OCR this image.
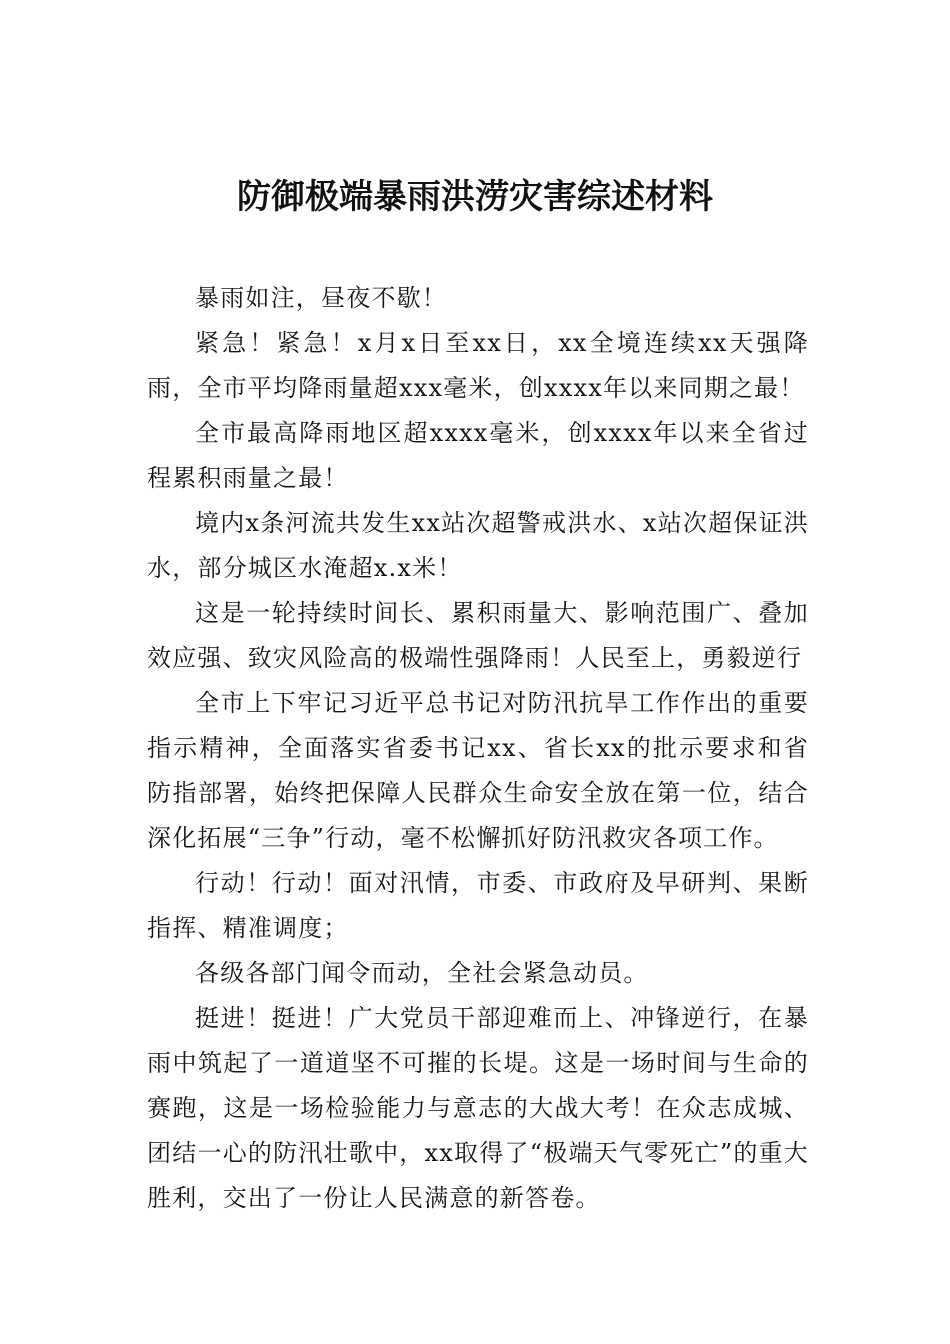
防御极端暴雨洪涝灾害综述材料

暴雨如注，昼夜不歇！

紧急！紧急！x月x日至xx日，xx全境连续xx天强降雨，全市平均降雨量超xxx毫米，创xxxx年以来同期之最！

全市最高降雨地区超xxxx毫米，创xxxx年以来全省过程累积雨量之最！

境内x条河流共发生xx站次超警戒洪水、x站次超保证洪水，部分城区水淹超x.x米！

这是一轮持续时间长、累积雨量大、影响范围广、叠加效应强、致灾风险高的极端性强降雨！人民至上，勇毅逆行

全市上下牢记习近平总书记对防汛抗旱工作作出的重要指示精神，全面落实省委书记xx、省长xx的批示要求和省防指部署，始终把保障人民群众生命安全放在第一位，结合深化拓展“三争”行动，毫不松懈抓好防汛救灾各项工作。

行动！行动！面对汛情，市委、市政府及早研判、果断指挥、精准调度；

各级各部门闻令而动，全社会紧急动员。

挺进！挺进！广大党员干部迎难而上、冲锋逆行，在暴雨中筑起了一道道坚不可摧的长堤。这是一场时间与生命的赛跑，这是一场检验能力与意志的大战大考！在众志成城、团结一心的防汛壮歌中，xx取得了“极端天气零死亡”的重大胜利，交出了一份让人民满意的新答卷。
